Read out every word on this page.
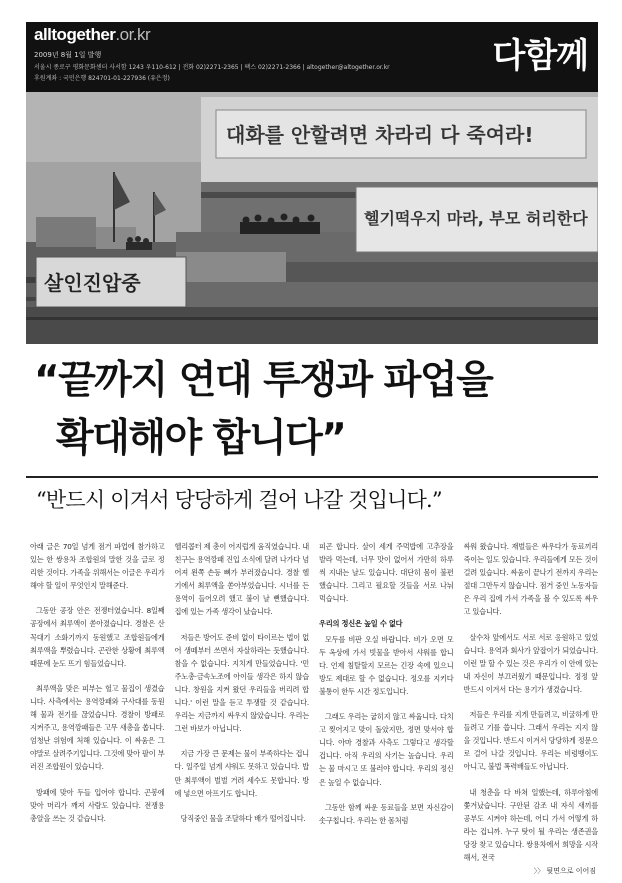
alltogether.or.kr
2009년 8월 1일 발행
서울시 종로구 평화문화센터 사서함 1243 우110-612 | 전화 02)2271-2365 | 팩스 02)2271-2366 | altogether@altogether.or.kr
후원계좌 : 국민은행 824701-01-227936 (유은정)
다함께
대화를 안할려면 차라리 다 죽여라!
헬기떡우지 마라, 부모 허리한다
살인진압중
“끝까지 연대 투쟁과 파업을
확대해야 합니다”
“반드시 이겨서 당당하게 걸어 나갈 것입니다.”

아래 글은 70일 넘게 점거 파업에 참가하고 있는 한 쌍용차 조합원의 말한 것을 글로 정리한 것이다. 가족을 위해서는 이글은 우리가 해야 할 일이 무엇인지 말해준다.

그동안 공장 안은 전쟁터였습니다. 8일째 공장에서 최루액이 쏟아졌습니다. 경찰은 산꼭대기 소화기까지 동원했고 조합원들에게 최루액을 뿌렸습니다. 곤란한 상황에 최루액 때문에 눈도 뜨기 힘들었습니다.

최루액을 맞은 피부는 헐고 물집이 생겼습니다. 사측에서는 용역깡패와 구사대를 동원해 물과 전기를 끊었습니다. 경찰이 방패로 지켜주고, 용역깡패들은 고무 새총을 쏩니다. 엄청난 위험에 처해 있습니다. 이 싸움은 그야말로 살려주기입니다. 그것에 맞아 팔이 부러진 조합원이 있습니다.

방패에 맞아 두들 입어야 합니다. 곤봉에 맞아 머리가 깨져 사람도 있습니다. 전쟁용 총알을 쓰는 것 같습니다.

헬리콥터 제 총이 어지럽게 움직였습니다. 내 친구는 용역깡패 진입 소식에 달려 나가다 넘어져 왼쪽 손등 뼈가 부러졌습니다. 경찰 헬기에서 최루액을 쏟아부었습니다. 시너를 든 용역이 들어오려 했고 불이 날 뻔했습니다. 집에 있는 가족 생각이 났습니다.

저들은 방어도 준비 없이 타이르는 법이 없어 생떼부터 쓰면서 자살하라는 듯했습니다. 참을 수 없습니다. 지치게 만들었습니다. '민주노총·금속노조에 아이들 생각은 하지 않습니다. 창원을 지켜 왔던 우리들을 버리려 합니다.' 이런 말을 듣고 투쟁할 것 같습니다. 우리는 지금까지 싸우지 않았습니다. 우리는 그런 바보가 아닙니다.

지금 가장 큰 문제는 물이 부족하다는 겁니다. 일주일 넘게 샤워도 못하고 있습니다. 밥만 최루액이 벌벌 거려 세수도 못합니다. 방에 넣으면 아프기도 합니다.

당직중인 물을 조달하다 배가 떨어집니다.

피곤 합니다. 살이 세게 주먹밥에 고추장을 발라 먹는데, 너무 맛이 없어서 가만히 하루씩 지내는 날도 있습니다. 대단히 몸이 불편했습니다. 그리고 필요할 것들을 서로 나눠 먹습니다.

우리의 정신은 높일 수 없다

모두를 비판 오실 바랍니다. 비가 오면 모두 옥상에 가서 빗물을 받아서 샤워를 합니다. 언제 침탈할지 모르는 긴장 속에 있으니 방도 제대로 할 수 없습니다. 정오를 지키다 불통이 한두 시간 정도입니다.

그래도 우리는 굽히지 않고 싸웁니다. 다치고 찢어지고 맞이 돌았지만, 정면 맞서야 합니다. 아마 경찰과 사측도 그렇다고 생각할 겁니다. 아직 우리의 사기는 높습니다. 우리는 물 마시고 또 불러야 합니다. 우리의 정신은 높일 수 없습니다.

그동안 함께 싸운 동료들을 보면 자신감이 솟구칩니다. 우리는 한 몸처럼

싸워 왔습니다. 재벌들은 싸우다가 동료끼리 죽이는 일도 있습니다. 우리들에게 모든 것이 걸려 있습니다. 싸움이 끝나기 전까지 우리는 절대 그만두지 않습니다. 점거 중인 노동자들은 우리 집에 가서 가족을 볼 수 있도록 싸우고 있습니다.

살수차 앞에서도 서로 서로 응원하고 있었습니다. 용역과 회사가 앞잡이가 되었습니다. 이런 말 할 수 있는 것은 우리가 이 안에 있는 내 자신이 부끄러웠기 때문입니다. 정정 앞 반드시 이겨서 다는 용기가 생겼습니다.

저들은 우리를 지게 만들려고, 비굴하게 만들려고 기를 씁니다. 그래서 우리는 지지 않을 것입니다. 반드시 이겨서 당당하게 정문으로 걸어 나갈 것입니다. 우리는 비렁뱅이도 아니고, 불법 폭력배들도 아닙니다.

내 청춘을 다 바쳐 일했는데, 하루아침에 쫓겨났습니다. 구안된 감조 내 자식 새끼를 공부도 시켜야 하는데, 어디 가서 어떻게 하라는 겁니까. 누구 탓이 될 우리는 생존권을 당장 찾고 있습니다. 쌍용차에서 희망을 시작해서, 전국

〉〉 뒷면으로 이어짐
